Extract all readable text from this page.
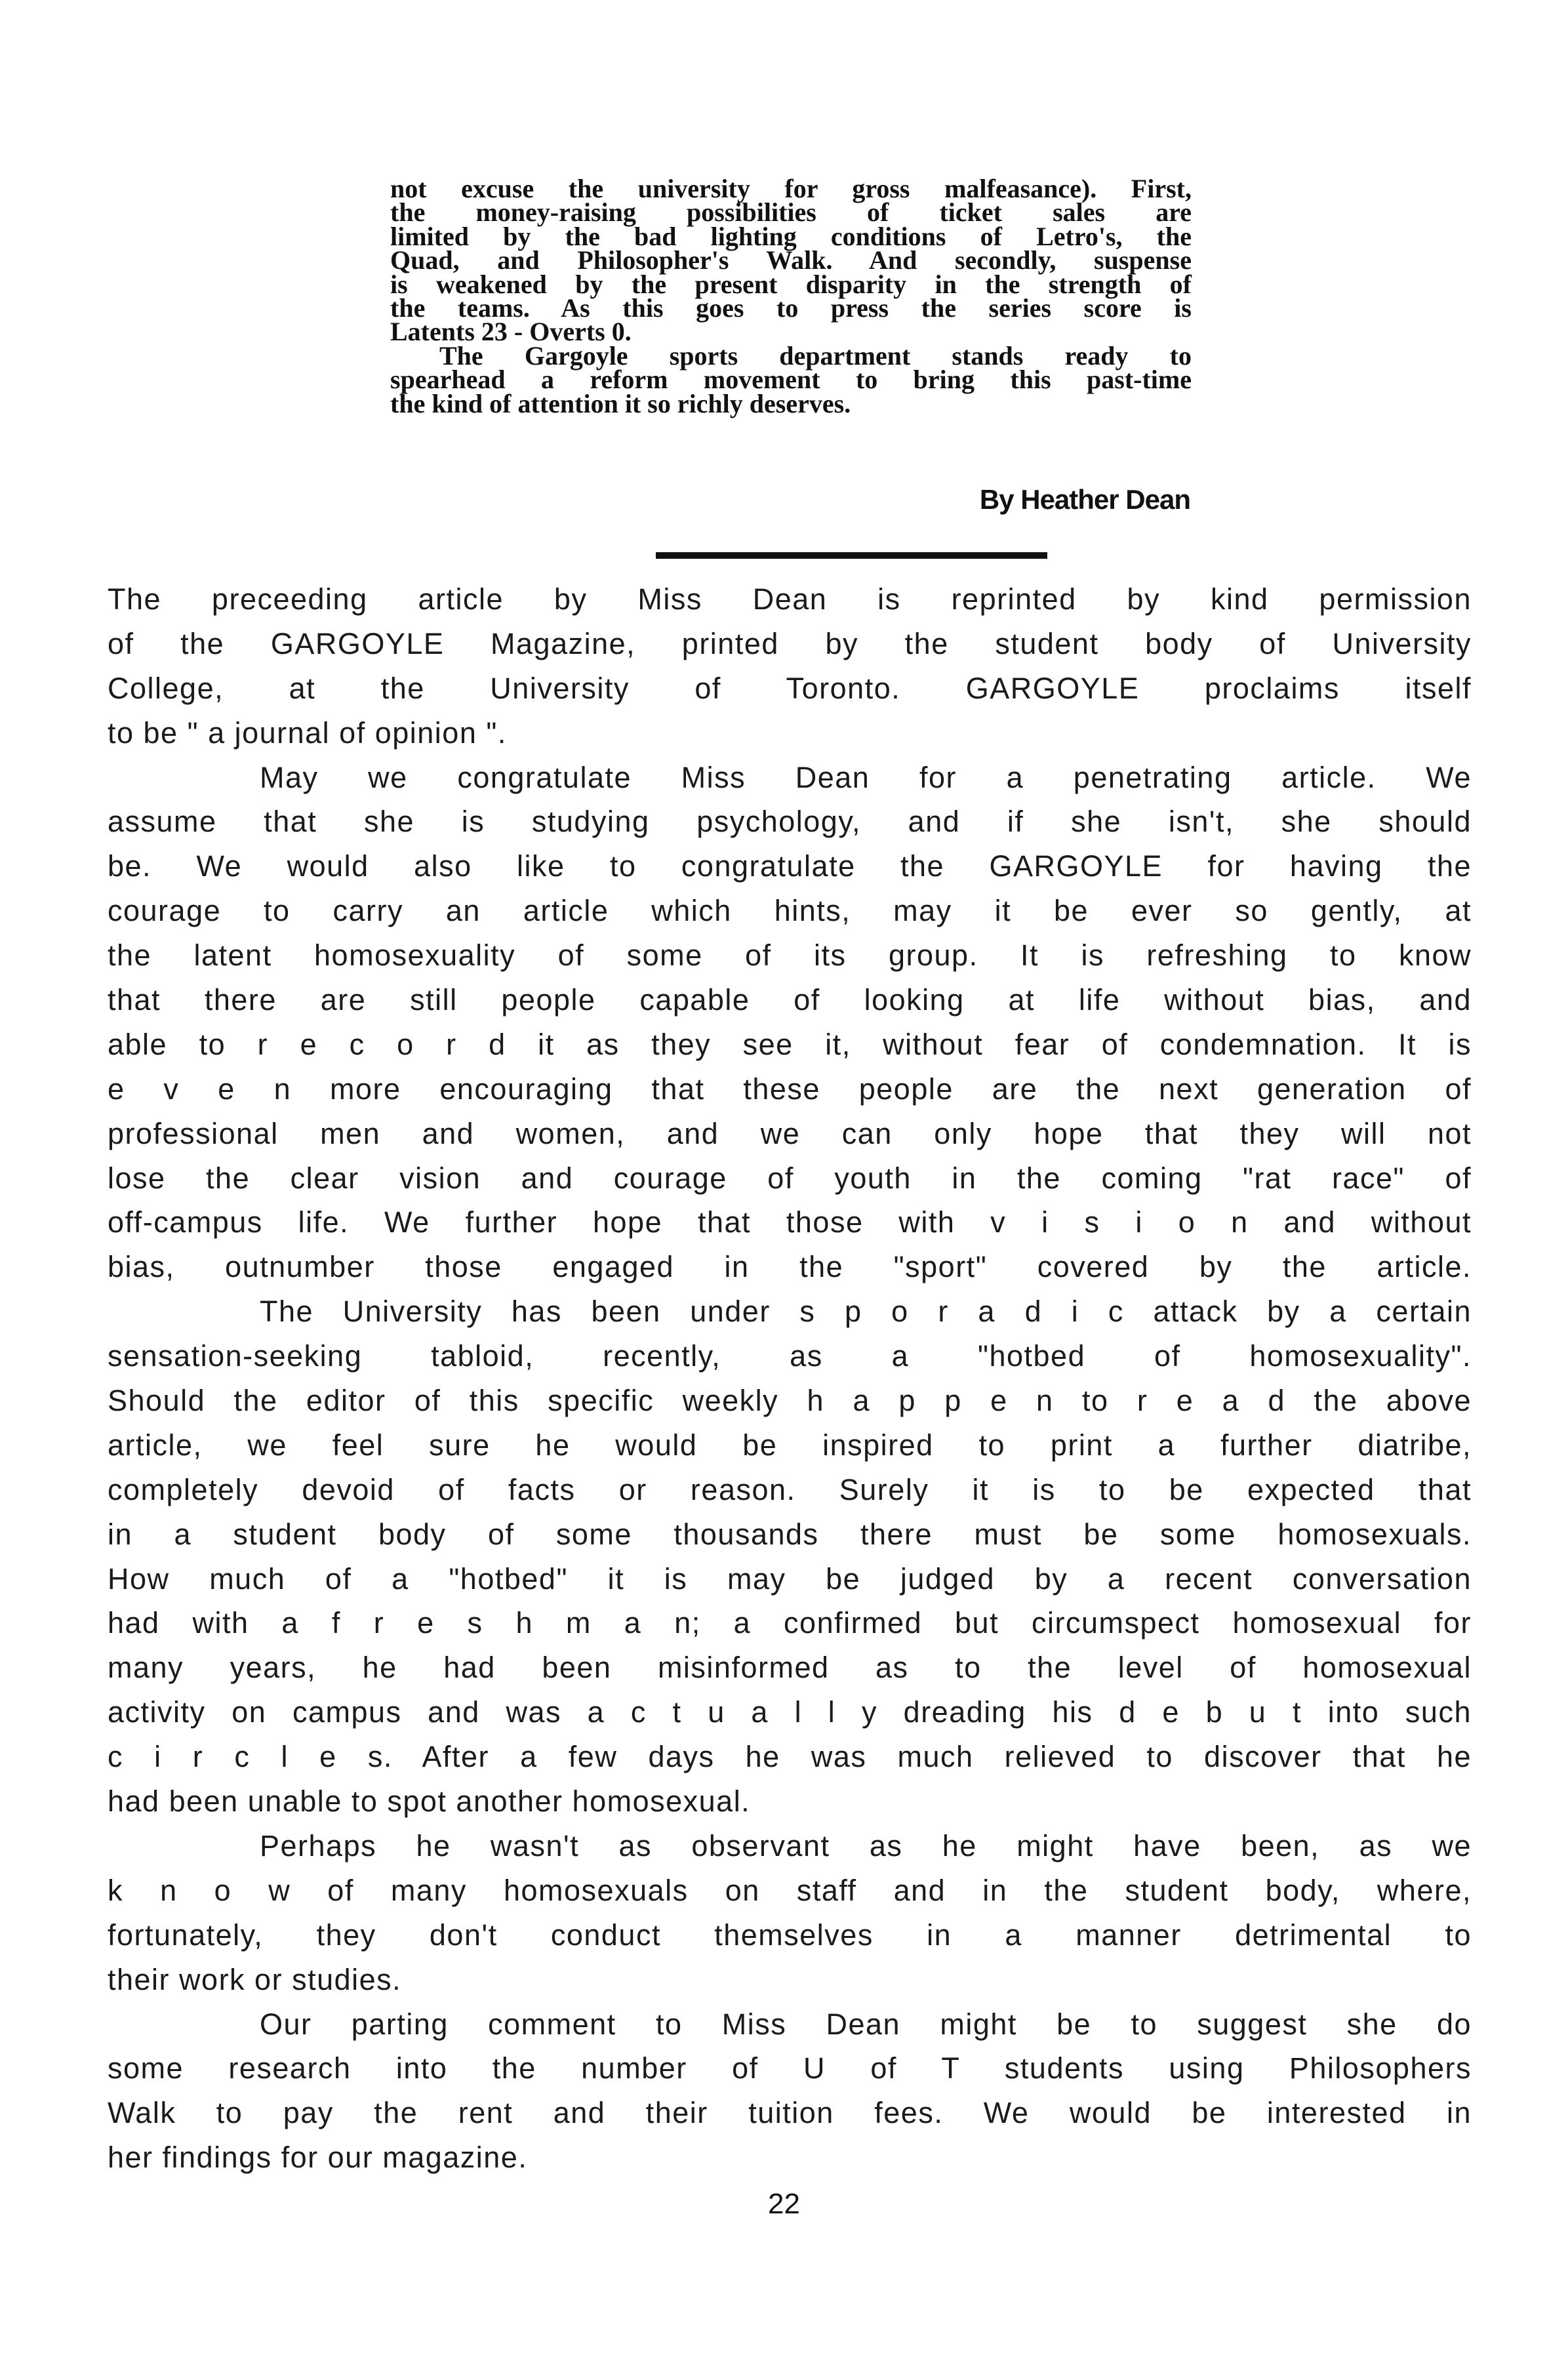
not excuse the university for gross malfeasance). First,
the money-raising possibilities of ticket sales are
limited by the bad lighting conditions of Letro's, the
Quad, and Philosopher's Walk. And secondly, suspense
is weakened by the present disparity in the strength of
the teams. As this goes to press the series score is
Latents 23 - Overts 0.
The Gargoyle sports department stands ready to
spearhead a reform movement to bring this past-time
the kind of attention it so richly deserves.
By Heather Dean
The preceeding article by Miss Dean is reprinted by kind permission
of the GARGOYLE Magazine, printed by the student body of University
College, at the University of Toronto. GARGOYLE proclaims itself
to be " a journal of opinion ".
May we congratulate Miss Dean for a penetrating article. We
assume that she is studying psychology, and if she isn't, she should
be. We would also like to congratulate the GARGOYLE for having the
courage to carry an article which hints, may it be ever so gently, at
the latent homosexuality of some of its group. It is refreshing to know
that there are still people capable of looking at life without bias, and
able to r e c o r d it as they see it, without fear of condemnation. It is
e v e n more encouraging that these people are the next generation of
professional men and women, and we can only hope that they will not
lose the clear vision and courage of youth in the coming "rat race" of
off-campus life. We further hope that those with v i s i o n and without
bias, outnumber those engaged in the "sport" covered by the article.
The University has been under s p o r a d i c attack by a certain
sensation-seeking tabloid, recently, as a "hotbed of homosexuality".
Should the editor of this specific weekly h a p p e n to r e a d the above
article, we feel sure he would be inspired to print a further diatribe,
completely devoid of facts or reason. Surely it is to be expected that
in a student body of some thousands there must be some homosexuals.
How much of a "hotbed" it is may be judged by a recent conversation
had with a f r e s h m a n; a confirmed but circumspect homosexual for
many years, he had been misinformed as to the level of homosexual
activity on campus and was a c t u a l l y dreading his d e b u t into such
c i r c l e s. After a few days he was much relieved to discover that he
had been unable to spot another homosexual.
Perhaps he wasn't as observant as he might have been, as we
k n o w of many homosexuals on staff and in the student body, where,
fortunately, they don't conduct themselves in a manner detrimental to
their work or studies.
Our parting comment to Miss Dean might be to suggest she do
some research into the number of U of T students using Philosophers
Walk to pay the rent and their tuition fees. We would be interested in
her findings for our magazine.
22
